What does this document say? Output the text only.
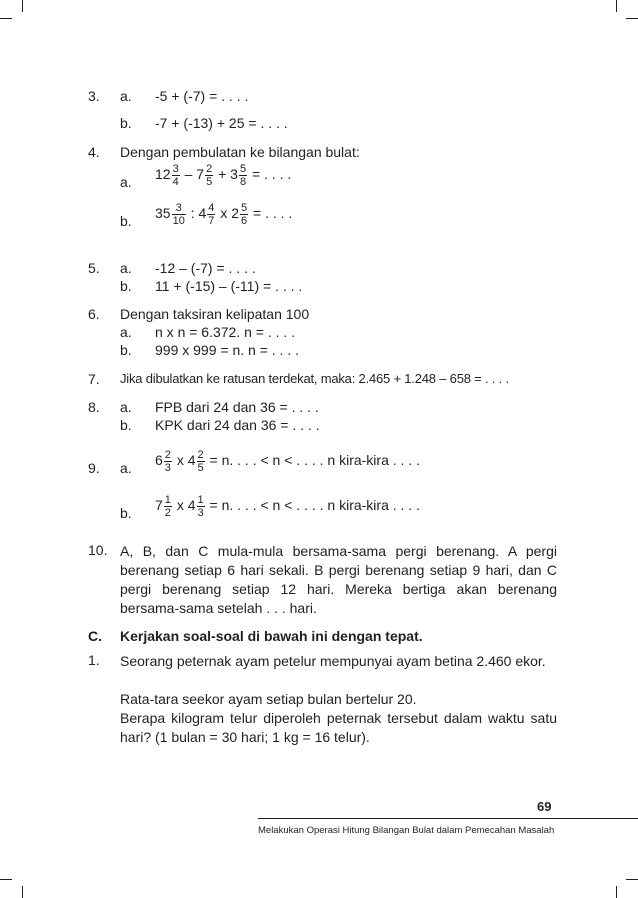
3. a. -5 + (-7) = . . . .
b. -7 + (-13) + 25 = . . . .
4. Dengan pembulatan ke bilangan bulat:
a. $12 \frac{3}{4} - 7 \frac{2}{5} + 3 \frac{5}{8}$ = . . . .
b. $35 \frac{3}{10}$ : $4 \frac{4}{7}$ x $2 \frac{5}{6}$ = . . . .
5. a. -12 – (-7) = . . . .
b. 11 + (-15) – (-11) = . . . .
6. Dengan taksiran kelipatan 100
a. n x n = 6.372. n = . . . .
b. 999 x 999 = n. n = . . . .
7. Jika dibulatkan ke ratusan terdekat, maka: 2.465 + 1.248 – 658 = . . . .
8. a. FPB dari 24 dan 36 = . . . .
b. KPK dari 24 dan 36 = . . . .
9. a. $6 \frac{2}{3}$ x $4 \frac{2}{5} = n$. . . . < n < . . . . n kira-kira . . . .
b. $7 \frac{1}{2}$ x $4 \frac{1}{3} = n$. . . . < n < . . . . n kira-kira . . . .
10. A, B, dan C mula-mula bersama-sama pergi berenang. A pergi berenang setiap 6 hari sekali. B pergi berenang setiap 9 hari, dan C pergi berenang setiap 12 hari. Mereka bertiga akan berenang bersama-sama setelah . . . hari.
C. Kerjakan soal-soal di bawah ini dengan tepat.
1. Seorang peternak ayam petelur mempunyai ayam betina 2.460 ekor.
Rata-tara seekor ayam setiap bulan bertelur 20.
Berapa kilogram telur diperoleh peternak tersebut dalam waktu satu hari? (1 bulan = 30 hari; 1 kg = 16 telur).
69
Melakukan Operasi Hitung Bilangan Bulat dalam Pemecahan Masalah
